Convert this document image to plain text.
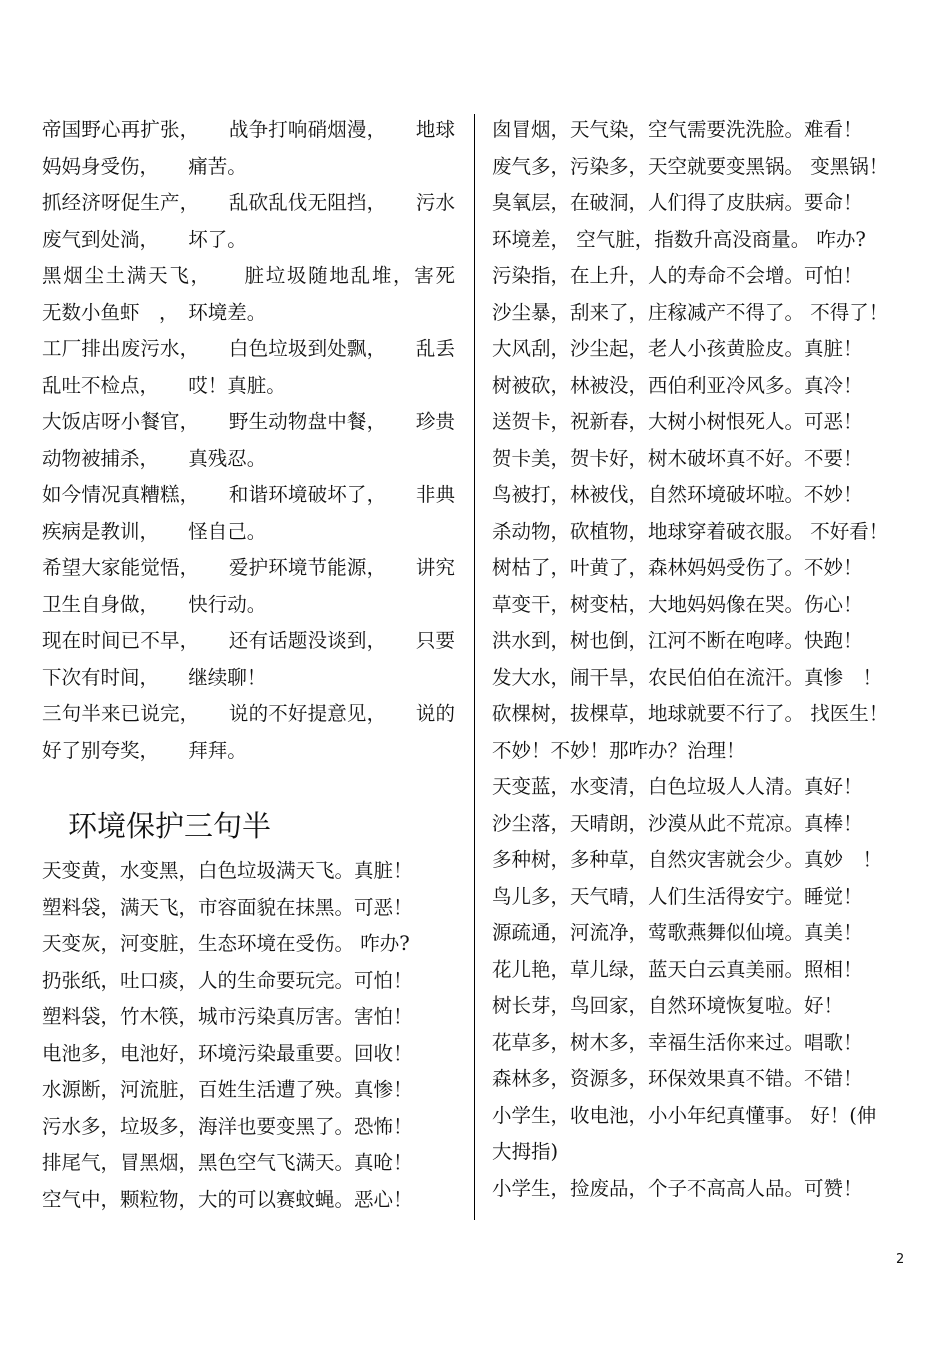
帝国野心再扩张，　　战争打响硝烟漫，　　地球
妈妈身受伤，　　痛苦。
抓经济呀促生产，　　乱砍乱伐无阻挡，　　污水
废气到处淌，　　坏了。
黑烟尘土满天飞，　　脏垃圾随地乱堆，害死
无数小鱼虾　，　环境差。
工厂排出废污水，　　白色垃圾到处飘，　　乱丢
乱吐不检点，　　哎！真脏。
大饭店呀小餐官，　　野生动物盘中餐，　　珍贵
动物被捕杀，　　真残忍。
如今情况真糟糕，　　和谐环境破坏了，　　非典
疾病是教训，　　怪自己。
希望大家能觉悟，　　爱护环境节能源，　　讲究
卫生自身做，　　快行动。
现在时间已不早，　　还有话题没谈到，　　只要
下次有时间，　　继续聊！
三句半来已说完，　　说的不好提意见，　　说的
好了别夸奖，　　拜拜。
环境保护三句半
天变黄，水变黑，白色垃圾满天飞。真脏！
塑料袋，满天飞，市容面貌在抹黑。可恶！
天变灰，河变脏，生态环境在受伤。 咋办?
扔张纸，吐口痰，人的生命要玩完。可怕！
塑料袋，竹木筷，城市污染真厉害。害怕！
电池多，电池好，环境污染最重要。回收！
水源断，河流脏，百姓生活遭了殃。真惨！
污水多，垃圾多，海洋也要变黑了。恐怖！
排尾气，冒黑烟，黑色空气飞满天。真呛！
空气中，颗粒物，大的可以赛蚊蝇。恶心！
囱冒烟，天气染，空气需要洗洗脸。难看！
废气多，污染多，天空就要变黑锅。 变黑锅！
臭氧层，在破洞，人们得了皮肤病。要命！
环境差， 空气脏，指数升高没商量。 咋办?
污染指，在上升，人的寿命不会增。可怕！
沙尘暴，刮来了，庄稼减产不得了。 不得了！
大风刮，沙尘起，老人小孩黄脸皮。真脏！
树被砍，林被没，西伯利亚冷风多。真冷！
送贺卡，祝新春，大树小树恨死人。可恶！
贺卡美，贺卡好，树木破坏真不好。不要！
鸟被打，林被伐，自然环境破坏啦。不妙！
杀动物，砍植物，地球穿着破衣服。 不好看！
树枯了，叶黄了，森林妈妈受伤了。不妙！
草变干，树变枯，大地妈妈像在哭。伤心！
洪水到，树也倒，江河不断在咆哮。快跑！
发大水，闹干旱，农民伯伯在流汗。真惨　！
砍棵树，拔棵草，地球就要不行了。 找医生！
不妙！不妙！那咋办？治理！
天变蓝，水变清，白色垃圾人人清。真好！
沙尘落，天晴朗，沙漠从此不荒凉。真棒！
多种树，多种草，自然灾害就会少。真妙　！
鸟儿多，天气晴，人们生活得安宁。睡觉！
源疏通，河流净，莺歌燕舞似仙境。真美！
花儿艳，草儿绿，蓝天白云真美丽。照相！
树长芽，鸟回家，自然环境恢复啦。好！
花草多，树木多，幸福生活你来过。唱歌！
森林多，资源多，环保效果真不错。不错！
小学生，收电池，小小年纪真懂事。 好！(伸
大拇指)
小学生，捡废品，个子不高高人品。可赞！
2
